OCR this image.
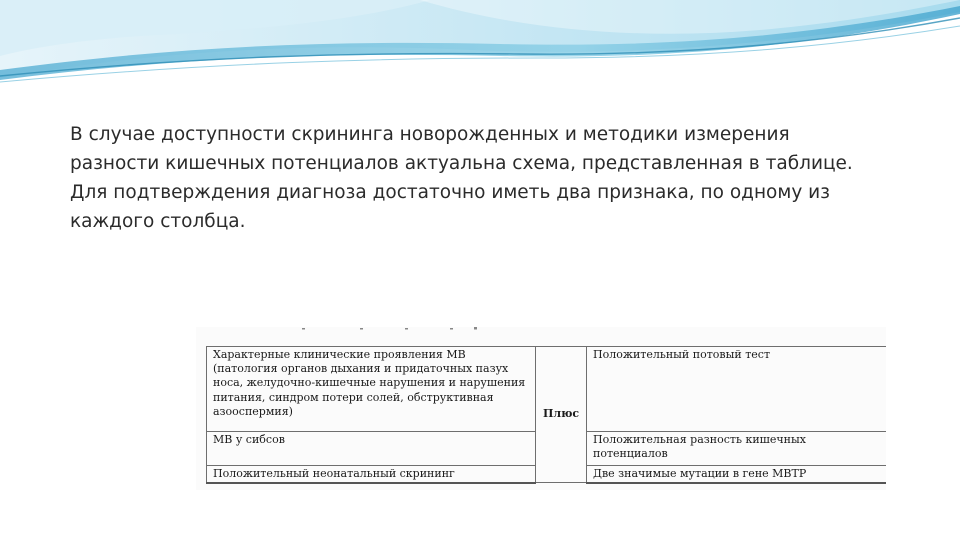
В случае доступности скрининга новорожденных и методики измерения
разности кишечных потенциалов актуальна схема, представленная в таблице.
Для подтверждения диагноза достаточно иметь два признака, по одному из
каждого столбца.
Характерные клинические проявления МВ (патология органов дыхания и придаточных пазух носа, желудочно-кишечные нарушения и нарушения питания, синдром потери солей, обструктивная азооспермия)	Плюс	Положительный потовый тест
МВ у сибсов		Положительная разность кишечных потенциалов
Положительный неонатальный скрининг		Две значимые мутации в гене МВТР
